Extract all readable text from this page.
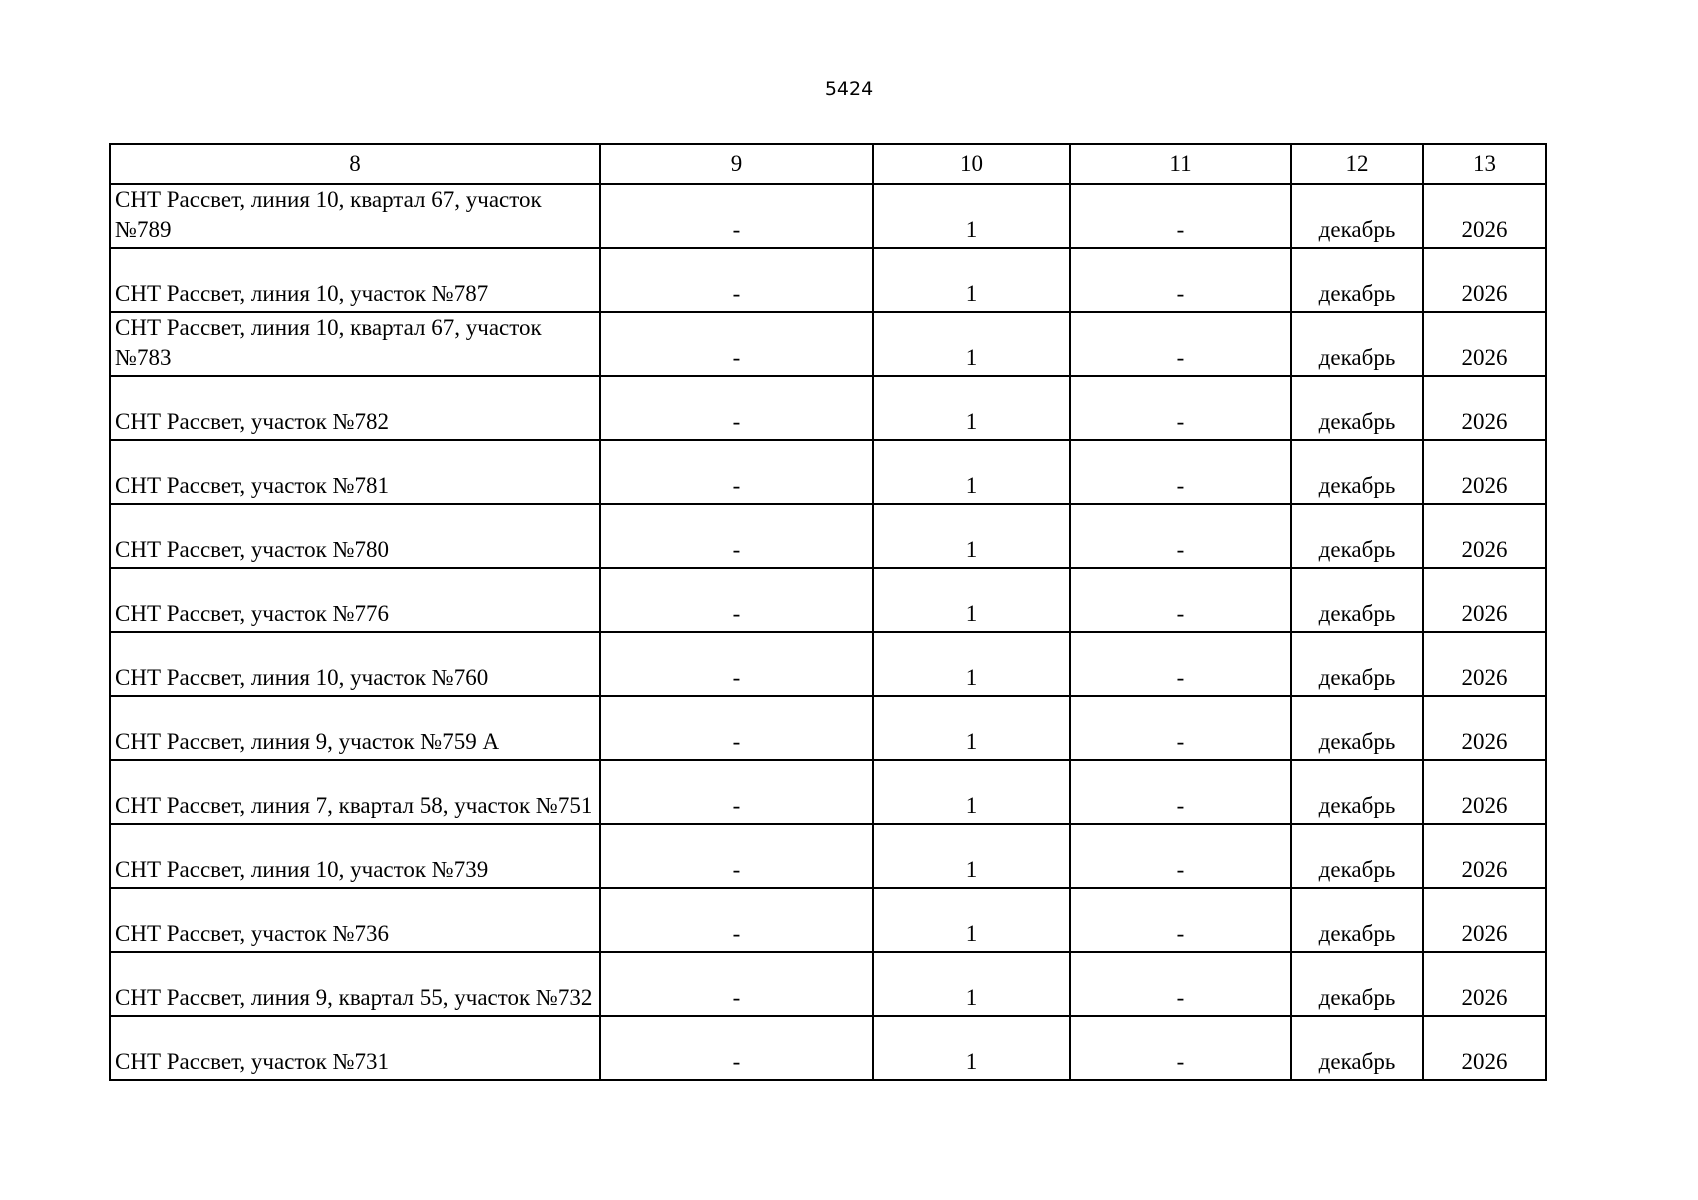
5424
8	9	10	11	12	13
СНТ Рассвет, линия 10, квартал 67, участок №789	-	1	-	декабрь	2026
СНТ Рассвет, линия 10, участок №787	-	1	-	декабрь	2026
СНТ Рассвет, линия 10, квартал 67, участок №783	-	1	-	декабрь	2026
СНТ Рассвет, участок №782	-	1	-	декабрь	2026
СНТ Рассвет, участок №781	-	1	-	декабрь	2026
СНТ Рассвет, участок №780	-	1	-	декабрь	2026
СНТ Рассвет, участок №776	-	1	-	декабрь	2026
СНТ Рассвет, линия 10, участок №760	-	1	-	декабрь	2026
СНТ Рассвет, линия 9, участок №759 А	-	1	-	декабрь	2026
СНТ Рассвет, линия 7, квартал 58, участок №751	-	1	-	декабрь	2026
СНТ Рассвет, линия 10, участок №739	-	1	-	декабрь	2026
СНТ Рассвет, участок №736	-	1	-	декабрь	2026
СНТ Рассвет, линия 9, квартал 55, участок №732	-	1	-	декабрь	2026
СНТ Рассвет, участок №731	-	1	-	декабрь	2026
